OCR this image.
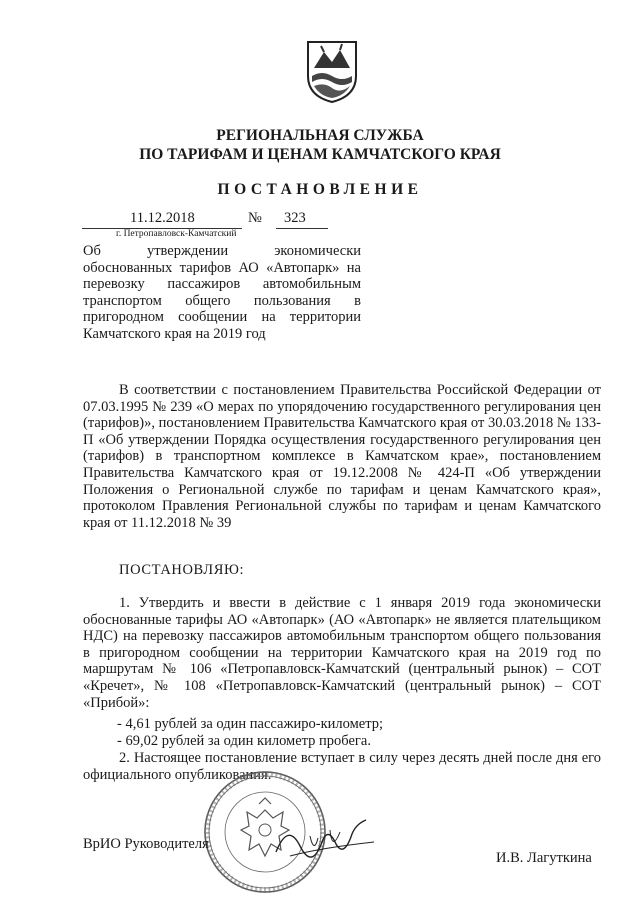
РЕГИОНАЛЬНАЯ СЛУЖБА
ПО ТАРИФАМ И ЦЕНАМ КАМЧАТСКОГО КРАЯ
ПОСТАНОВЛЕНИЕ
11.12.2018	№ 323
г. Петропавловск-Камчатский
Об утверждении экономически обоснованных тарифов АО «Автопарк» на перевозку пассажиров автомобильным транспортом общего пользования в пригородном сообщении на территории Камчатского края на 2019 год
В соответствии с постановлением Правительства Российской Федерации от 07.03.1995 № 239 «О мерах по упорядочению государственного регулирования цен (тарифов)», постановлением Правительства Камчатского края от 30.03.2018 № 133-П «Об утверждении Порядка осуществления государственного регулирования цен (тарифов) в транспортном комплексе в Камчатском крае», постановлением Правительства Камчатского края от 19.12.2008 № 424-П «Об утверждении Положения о Региональной службе по тарифам и ценам Камчатского края», протоколом Правления Региональной службы по тарифам и ценам Камчатского края от 11.12.2018 № 39
ПОСТАНОВЛЯЮ:
1. Утвердить и ввести в действие с 1 января 2019 года экономически обоснованные тарифы АО «Автопарк» (АО «Автопарк» не является плательщиком НДС) на перевозку пассажиров автомобильным транспортом общего пользования в пригородном сообщении на территории Камчатского края на 2019 год по маршрутам № 106 «Петропавловск-Камчатский (центральный рынок) – СОТ «Кречет», № 108 «Петропавловск-Камчатский (центральный рынок) – СОТ «Прибой»:
- 4,61 рублей за один пассажиро-километр;
- 69,02 рублей за один километр пробега.
2. Настоящее постановление вступает в силу через десять дней после дня его официального опубликования.
ВрИО Руководителя
И.В. Лагуткина
